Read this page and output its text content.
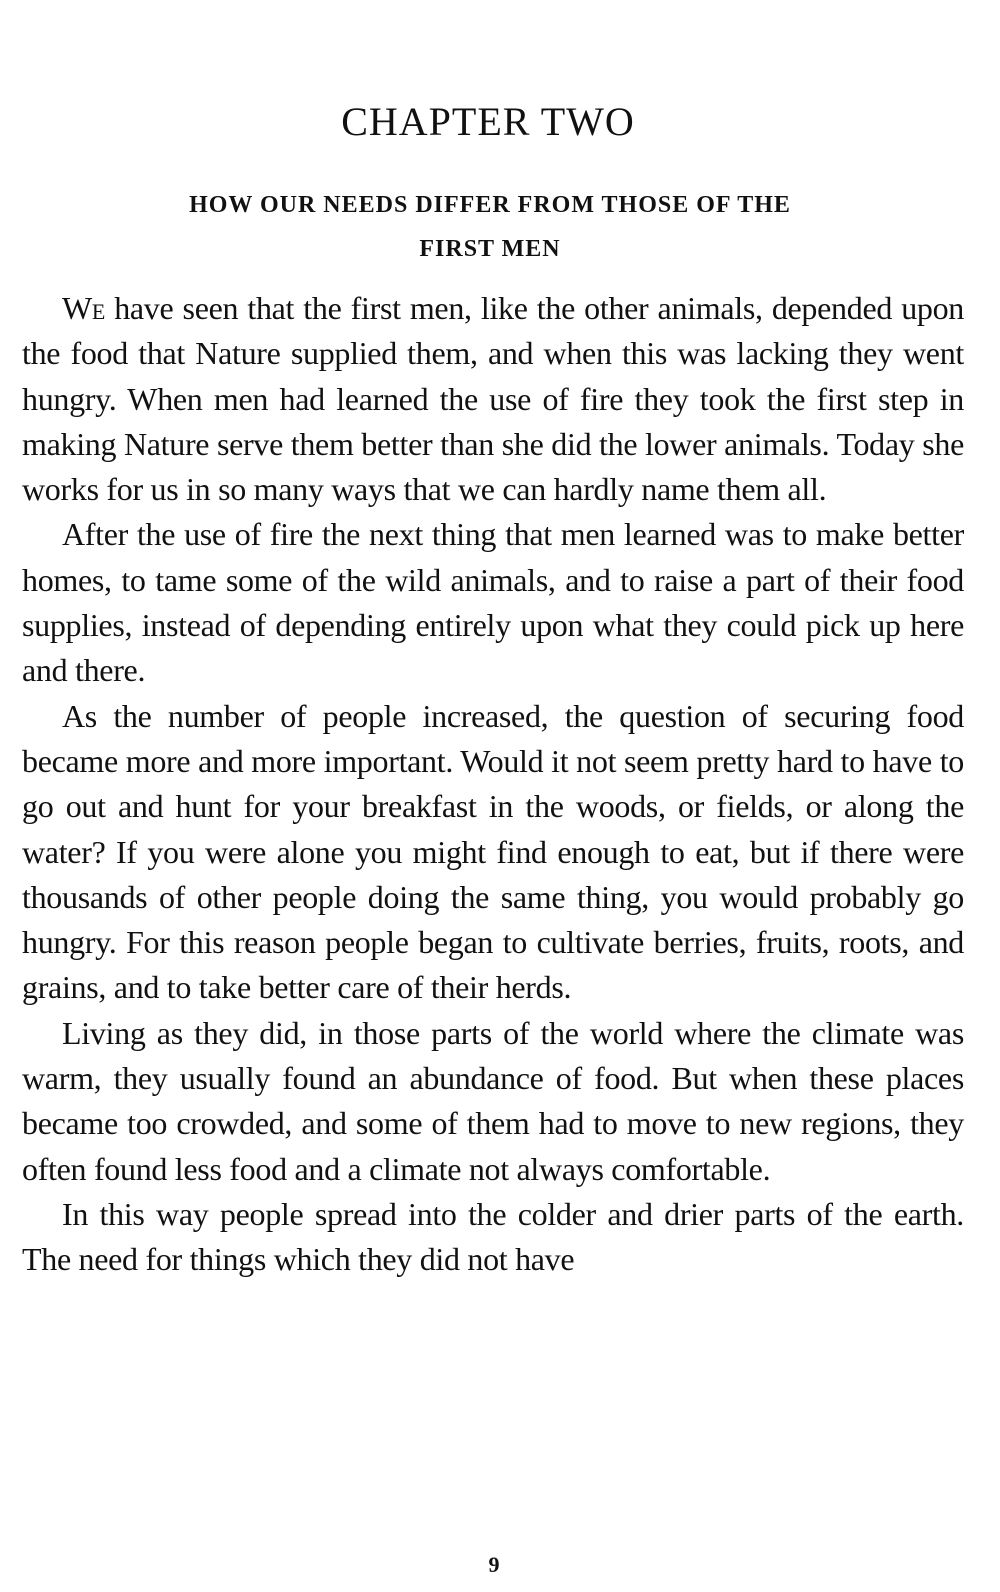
CHAPTER TWO
HOW OUR NEEDS DIFFER FROM THOSE OF THE
FIRST MEN

We have seen that the first men, like the other animals, depended upon the food that Nature supplied them, and when this was lacking they went hungry. When men had learned the use of fire they took the first step in making Nature serve them better than she did the lower animals. Today she works for us in so many ways that we can hardly name them all.

After the use of fire the next thing that men learned was to make better homes, to tame some of the wild animals, and to raise a part of their food supplies, instead of depending entirely upon what they could pick up here and there.

As the number of people increased, the question of securing food became more and more important. Would it not seem pretty hard to have to go out and hunt for your breakfast in the woods, or fields, or along the water? If you were alone you might find enough to eat, but if there were thousands of other people doing the same thing, you would probably go hungry. For this reason people began to cultivate berries, fruits, roots, and grains, and to take better care of their herds.

Living as they did, in those parts of the world where the climate was warm, they usually found an abundance of food. But when these places became too crowded, and some of them had to move to new regions, they often found less food and a climate not always comfortable.

In this way people spread into the colder and drier parts of the earth. The need for things which they did not have

9
